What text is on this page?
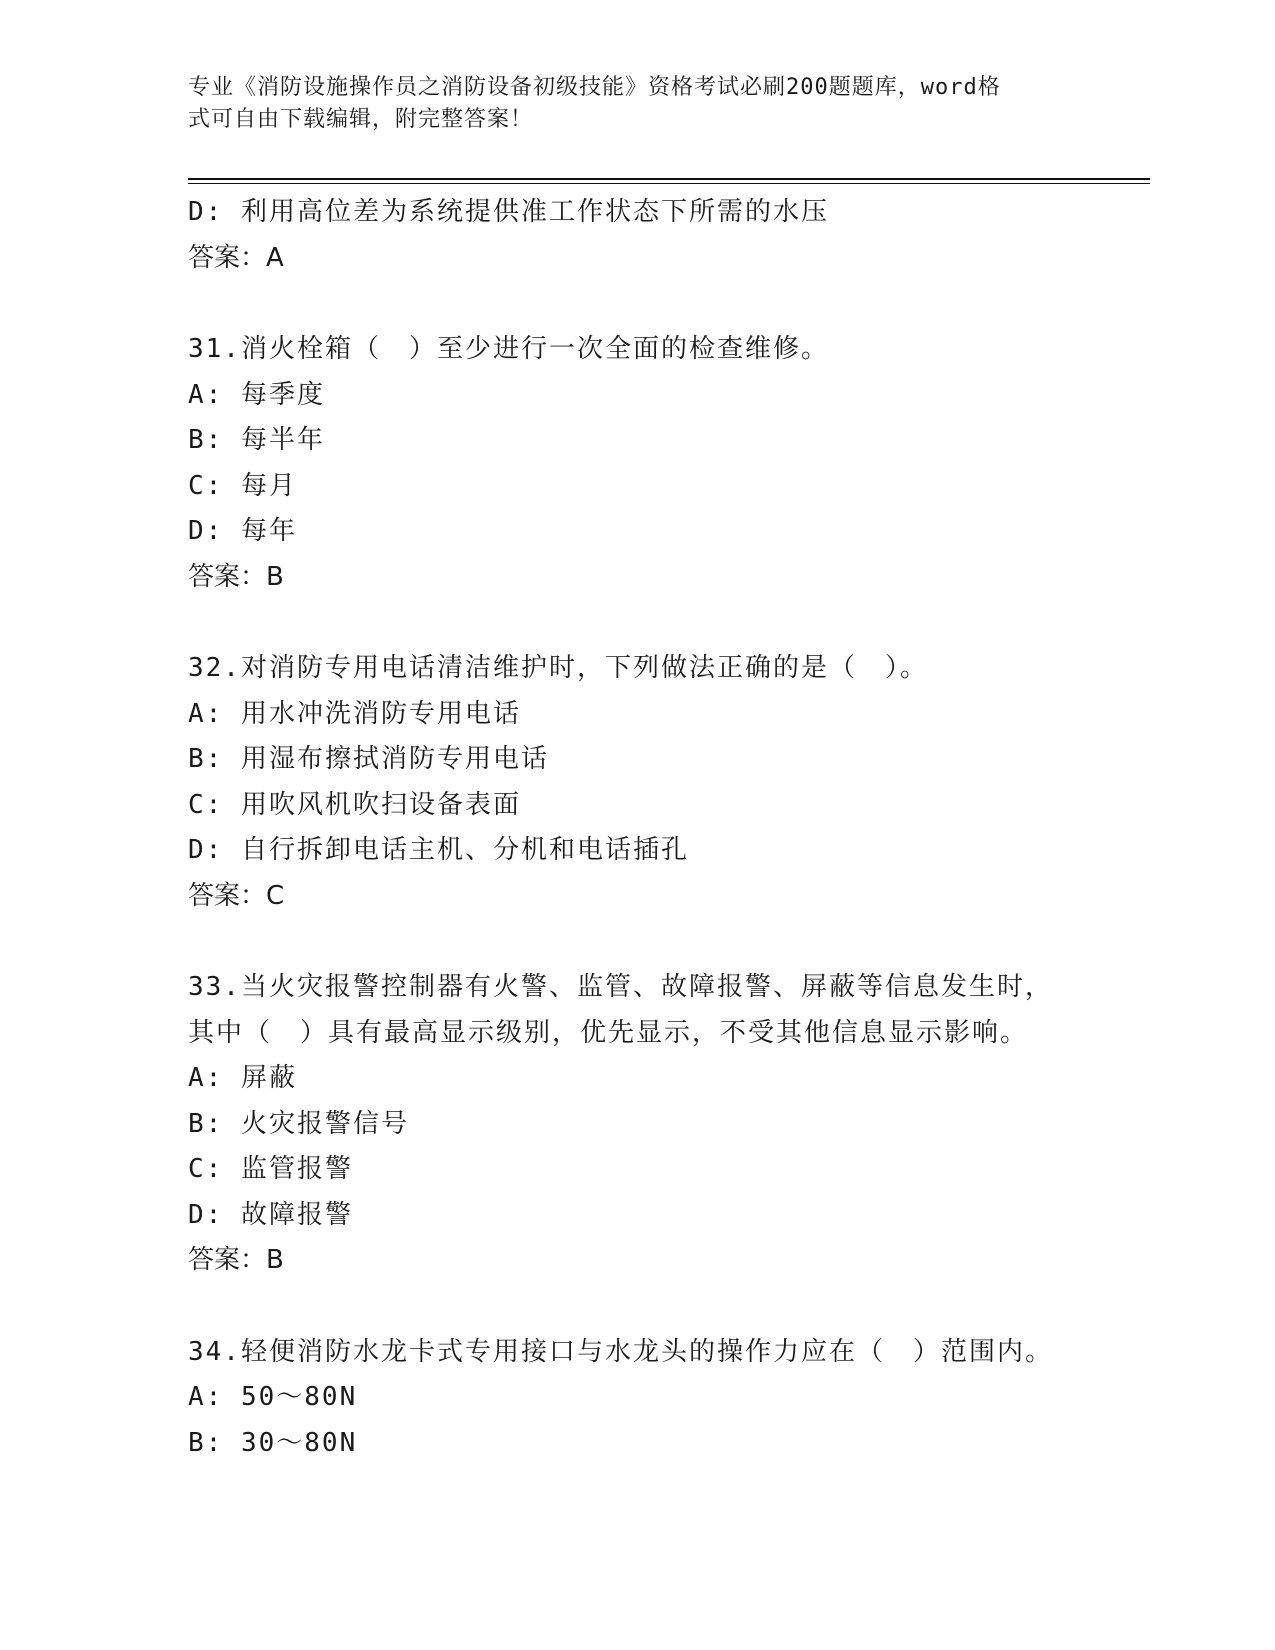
专业《消防设施操作员之消防设备初级技能》资格考试必刷200题题库，word格
式可自由下载编辑，附完整答案！
D: 利用高位差为系统提供准工作状态下所需的水压
答案：A
31.消火栓箱（　）至少进行一次全面的检查维修。
A: 每季度
B: 每半年
C: 每月
D: 每年
答案：B
32.对消防专用电话清洁维护时，下列做法正确的是（　）。
A: 用水冲洗消防专用电话
B: 用湿布擦拭消防专用电话
C: 用吹风机吹扫设备表面
D: 自行拆卸电话主机、分机和电话插孔
答案：C
33.当火灾报警控制器有火警、监管、故障报警、屏蔽等信息发生时，
其中（　）具有最高显示级别，优先显示，不受其他信息显示影响。
A: 屏蔽
B: 火灾报警信号
C: 监管报警
D: 故障报警
答案：B
34.轻便消防水龙卡式专用接口与水龙头的操作力应在（　）范围内。
A: 50～80N
B: 30～80N
